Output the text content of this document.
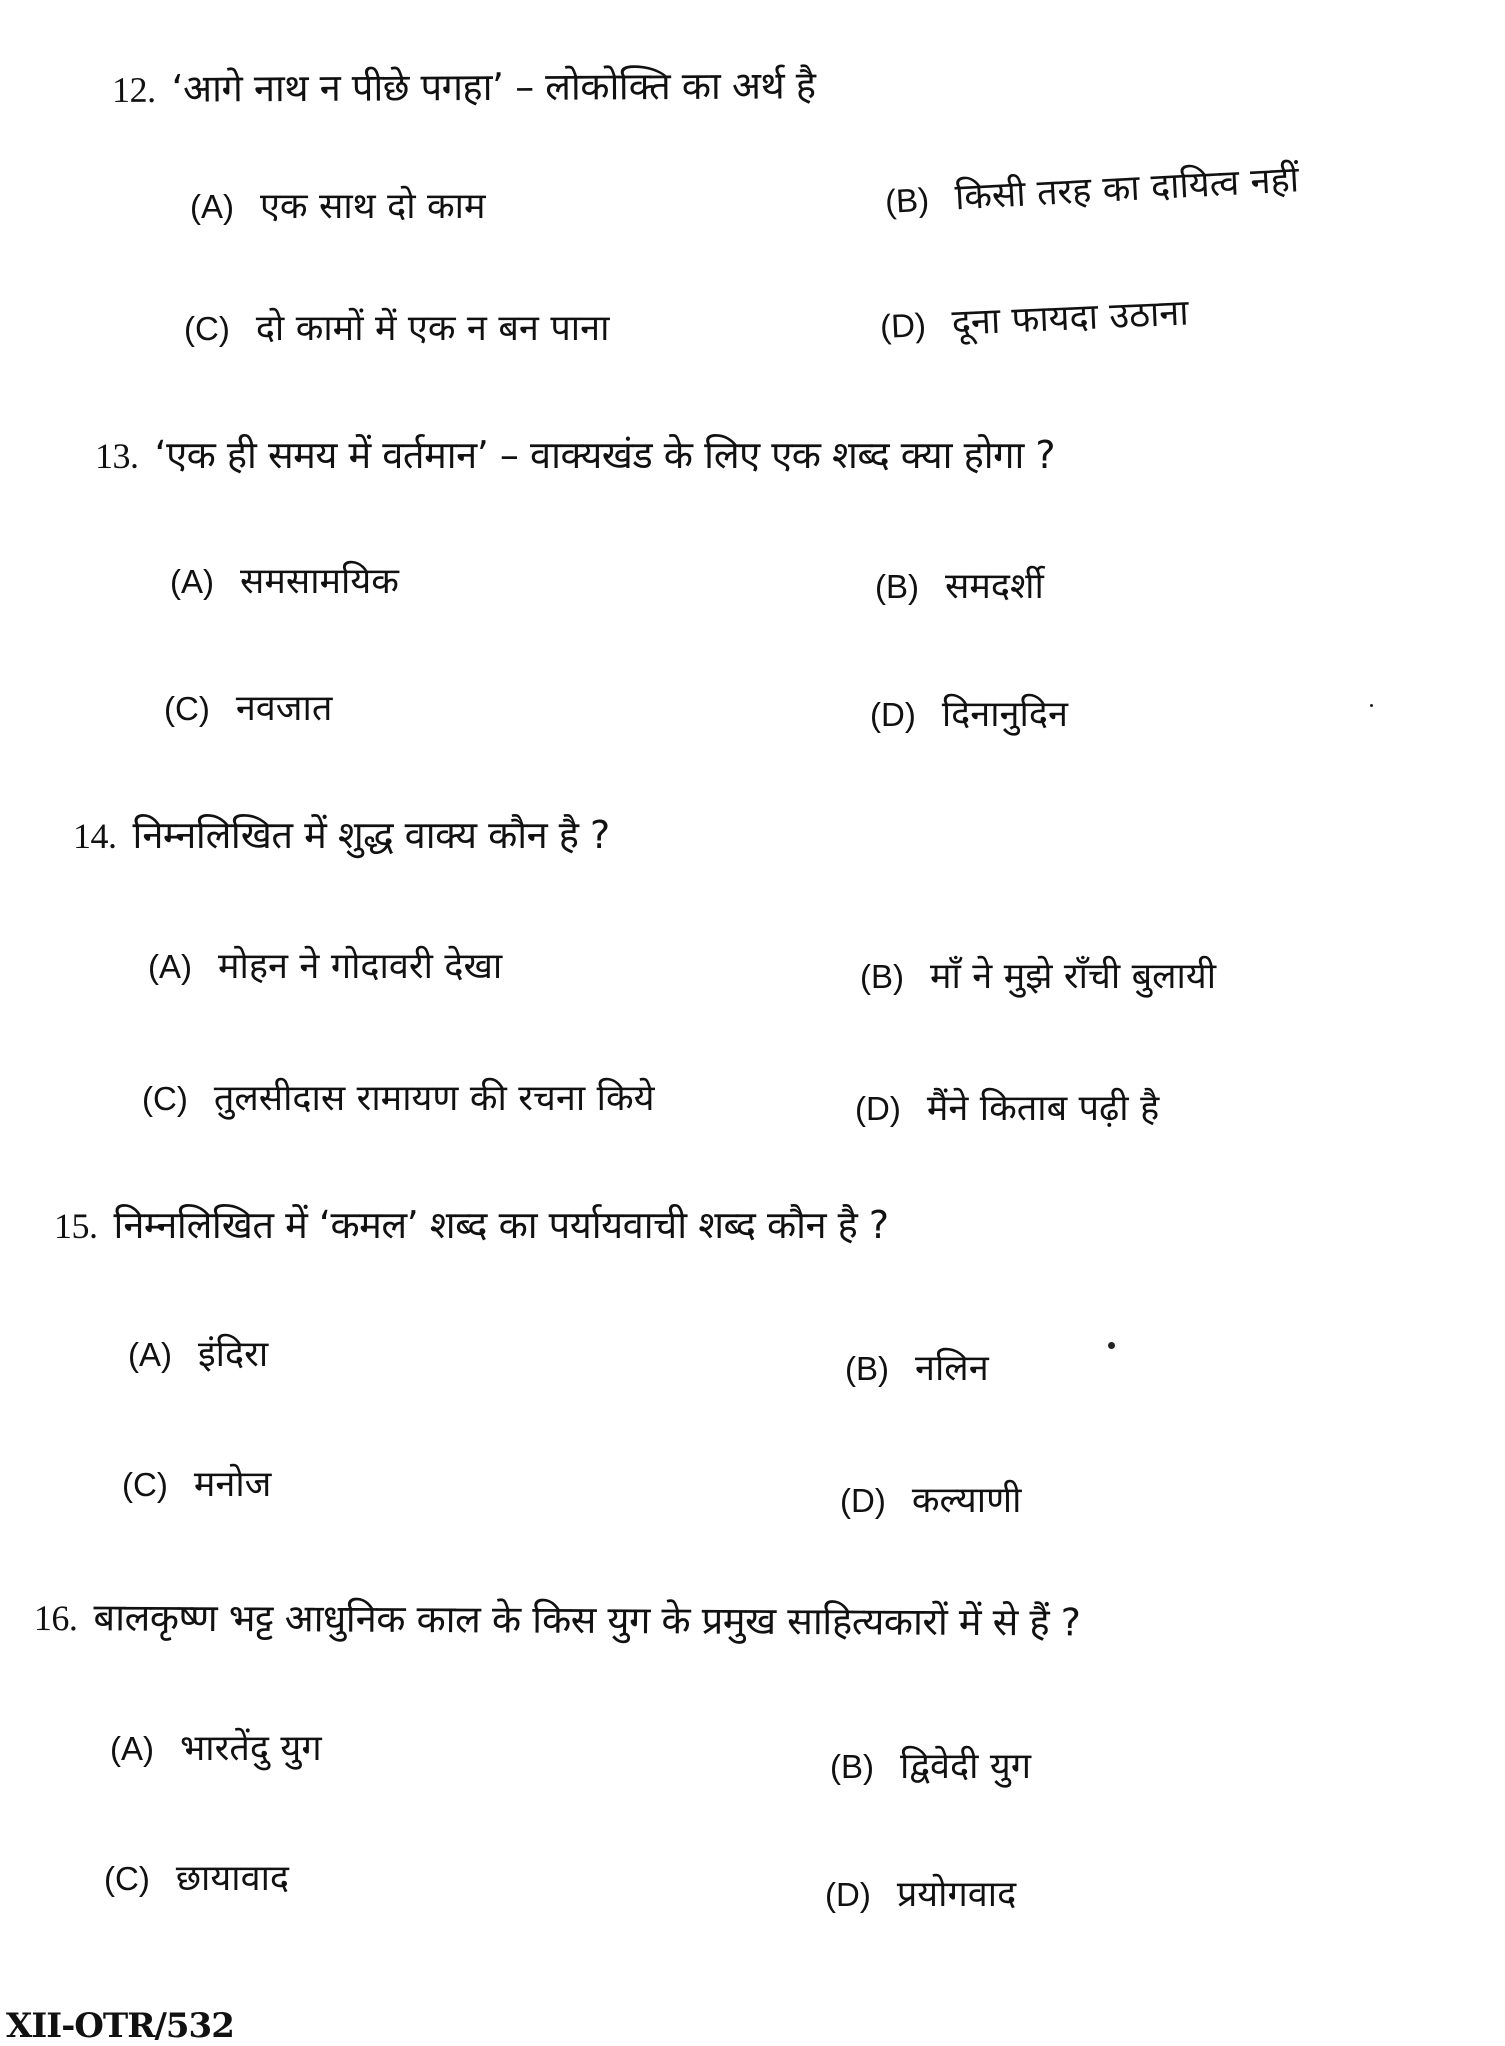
12. ‘आगे नाथ न पीछे पगहा’ – लोकोक्ति का अर्थ है
(A) एक साथ दो काम	(B) किसी तरह का दायित्व नहीं
(C) दो कामों में एक न बन पाना	(D) दूना फायदा उठाना
13. ‘एक ही समय में वर्तमान’ – वाक्यखंड के लिए एक शब्द क्या होगा ?
(A) समसामयिक	(B) समदर्शी
(C) नवजात	(D) दिनानुदिन
14. निम्नलिखित में शुद्ध वाक्य कौन है ?
(A) मोहन ने गोदावरी देखा	(B) माँ ने मुझे राँची बुलायी
(C) तुलसीदास रामायण की रचना किये	(D) मैंने किताब पढ़ी है
15. निम्नलिखित में ‘कमल’ शब्द का पर्यायवाची शब्द कौन है ?
(A) इंदिरा	(B) नलिन
(C) मनोज	(D) कल्याणी
16. बालकृष्ण भट्ट आधुनिक काल के किस युग के प्रमुख साहित्यकारों में से हैं ?
(A) भारतेंदु युग	(B) द्विवेदी युग
(C) छायावाद	(D) प्रयोगवाद
XII-OTR/532
